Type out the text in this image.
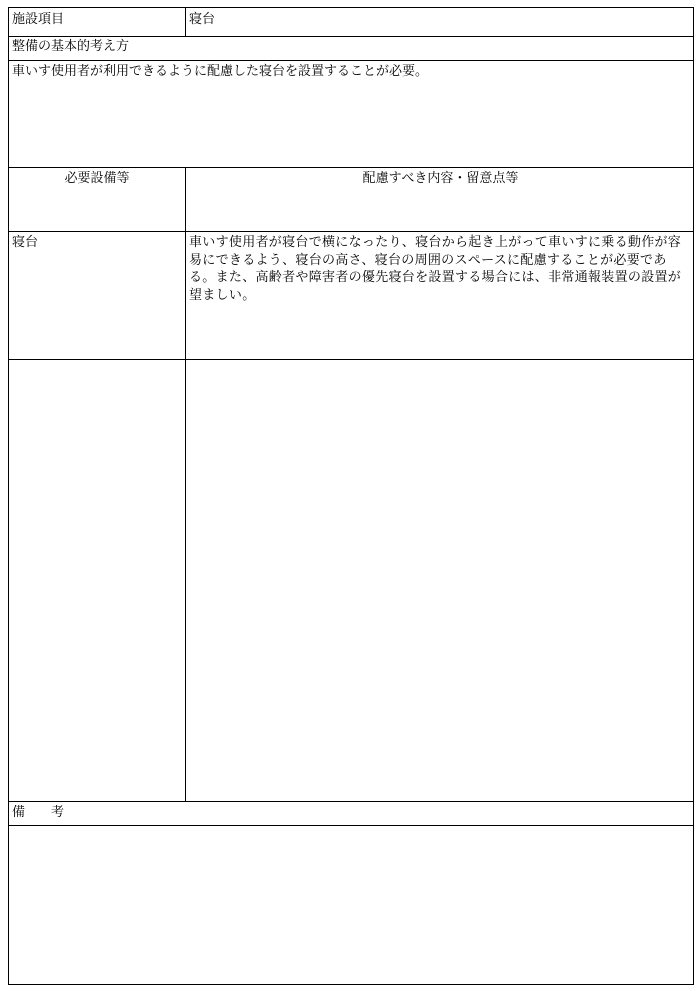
施設項目	寝台
整備の基本的考え方
車いす使用者が利用できるように配慮した寝台を設置することが必要。
必要設備等	配慮すべき内容・留意点等
寝台	車いす使用者が寝台で横になったり、寝台から起き上がって車いすに乗る動作が容易にできるよう、寝台の高さ、寝台の周囲のスペースに配慮することが必要である。また、高齢者や障害者の優先寝台を設置する場合には、非常通報装置の設置が望ましい。
備　　考
